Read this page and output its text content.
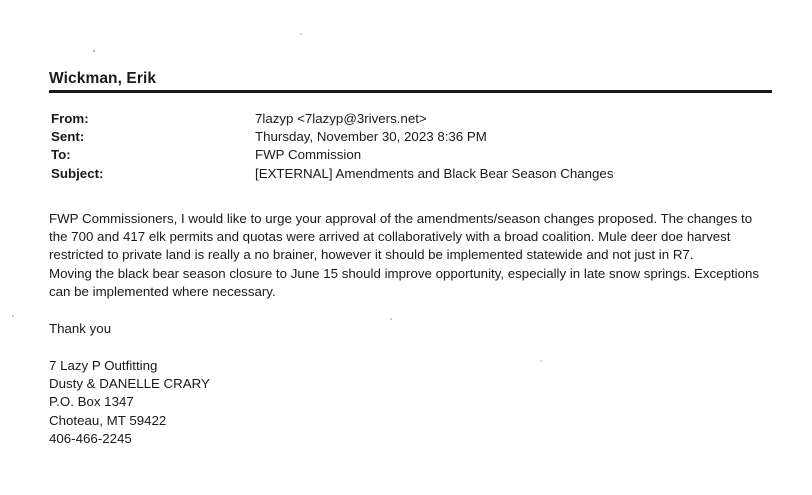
Wickman, Erik
From:	7lazyp <7lazyp@3rivers.net>
Sent:	Thursday, November 30, 2023 8:36 PM
To:	FWP Commission
Subject:	[EXTERNAL] Amendments and Black Bear Season Changes
FWP Commissioners, I would like to urge your approval of the amendments/season changes proposed. The changes to
the 700 and 417 elk permits and quotas were arrived at collaboratively with a broad coalition. Mule deer doe harvest
restricted to private land is really a no brainer, however it should be implemented statewide and not just in R7.
Moving the black bear season closure to June 15 should improve opportunity, especially in late snow springs. Exceptions
can be implemented where necessary.
Thank you
7 Lazy P Outfitting
Dusty & DANELLE CRARY
P.O. Box 1347
Choteau, MT 59422
406-466-2245
